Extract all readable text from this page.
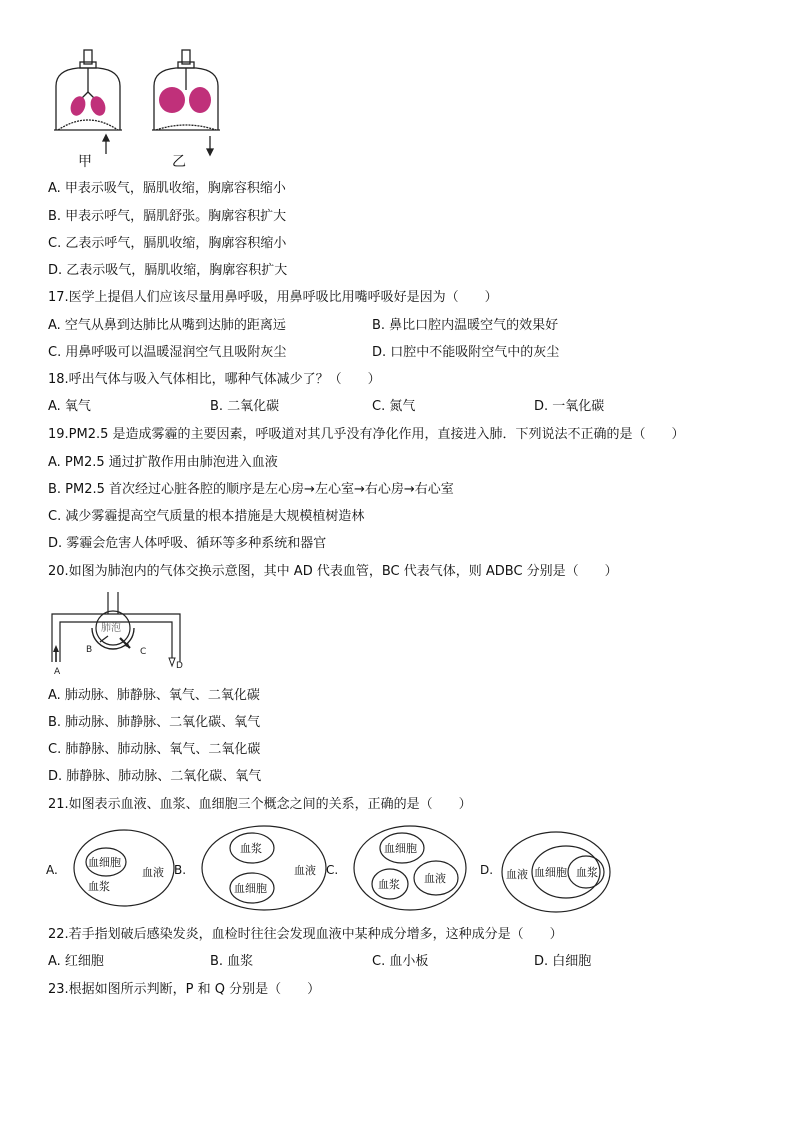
甲	乙
A. 甲表示吸气，膈肌收缩，胸廓容积缩小
B. 甲表示呼气，膈肌舒张。胸廓容积扩大
C. 乙表示呼气，膈肌收缩，胸廓容积缩小
D. 乙表示吸气，膈肌收缩，胸廓容积扩大
17.医学上提倡人们应该尽量用鼻呼吸，用鼻呼吸比用嘴呼吸好是因为（　　）
A. 空气从鼻到达肺比从嘴到达肺的距离远	B. 鼻比口腔内温暖空气的效果好
C. 用鼻呼吸可以温暖湿润空气且吸附灰尘	D. 口腔中不能吸附空气中的灰尘
18.呼出气体与吸入气体相比，哪种气体减少了？（　　）
A. 氧气	B. 二氧化碳	C. 氮气	D. 一氧化碳
19.PM2.5 是造成雾霾的主要因素，呼吸道对其几乎没有净化作用，直接进入肺．下列说法不正确的是（　　）
A. PM2.5 通过扩散作用由肺泡进入血液
B. PM2.5 首次经过心脏各腔的顺序是左心房→左心室→右心房→右心室
C. 减少雾霾提高空气质量的根本措施是大规模植树造林
D. 雾霾会危害人体呼吸、循环等多种系统和器官
20.如图为肺泡内的气体交换示意图，其中 AD 代表血管，BC 代表气体，则 ADBC 分别是（　　）
肺泡
A
B	C
D
A. 肺动脉、肺静脉、氧气、二氧化碳
B. 肺动脉、肺静脉、二氧化碳、氧气
C. 肺静脉、肺动脉、氧气、二氧化碳
D. 肺静脉、肺动脉、二氧化碳、氧气
21.如图表示血液、血浆、血细胞三个概念之间的关系，正确的是（　　）
A.
血细胞
血浆
血液 B.
血浆
血细胞
血液 C.
血细胞
血浆 血液
D. 血液 血细胞 血浆
22.若手指划破后感染发炎，血检时往往会发现血液中某种成分增多，这种成分是（　　）
A. 红细胞	B. 血浆	C. 血小板	D. 白细胞
23.根据如图所示判断，P 和 Q 分别是（　　）
